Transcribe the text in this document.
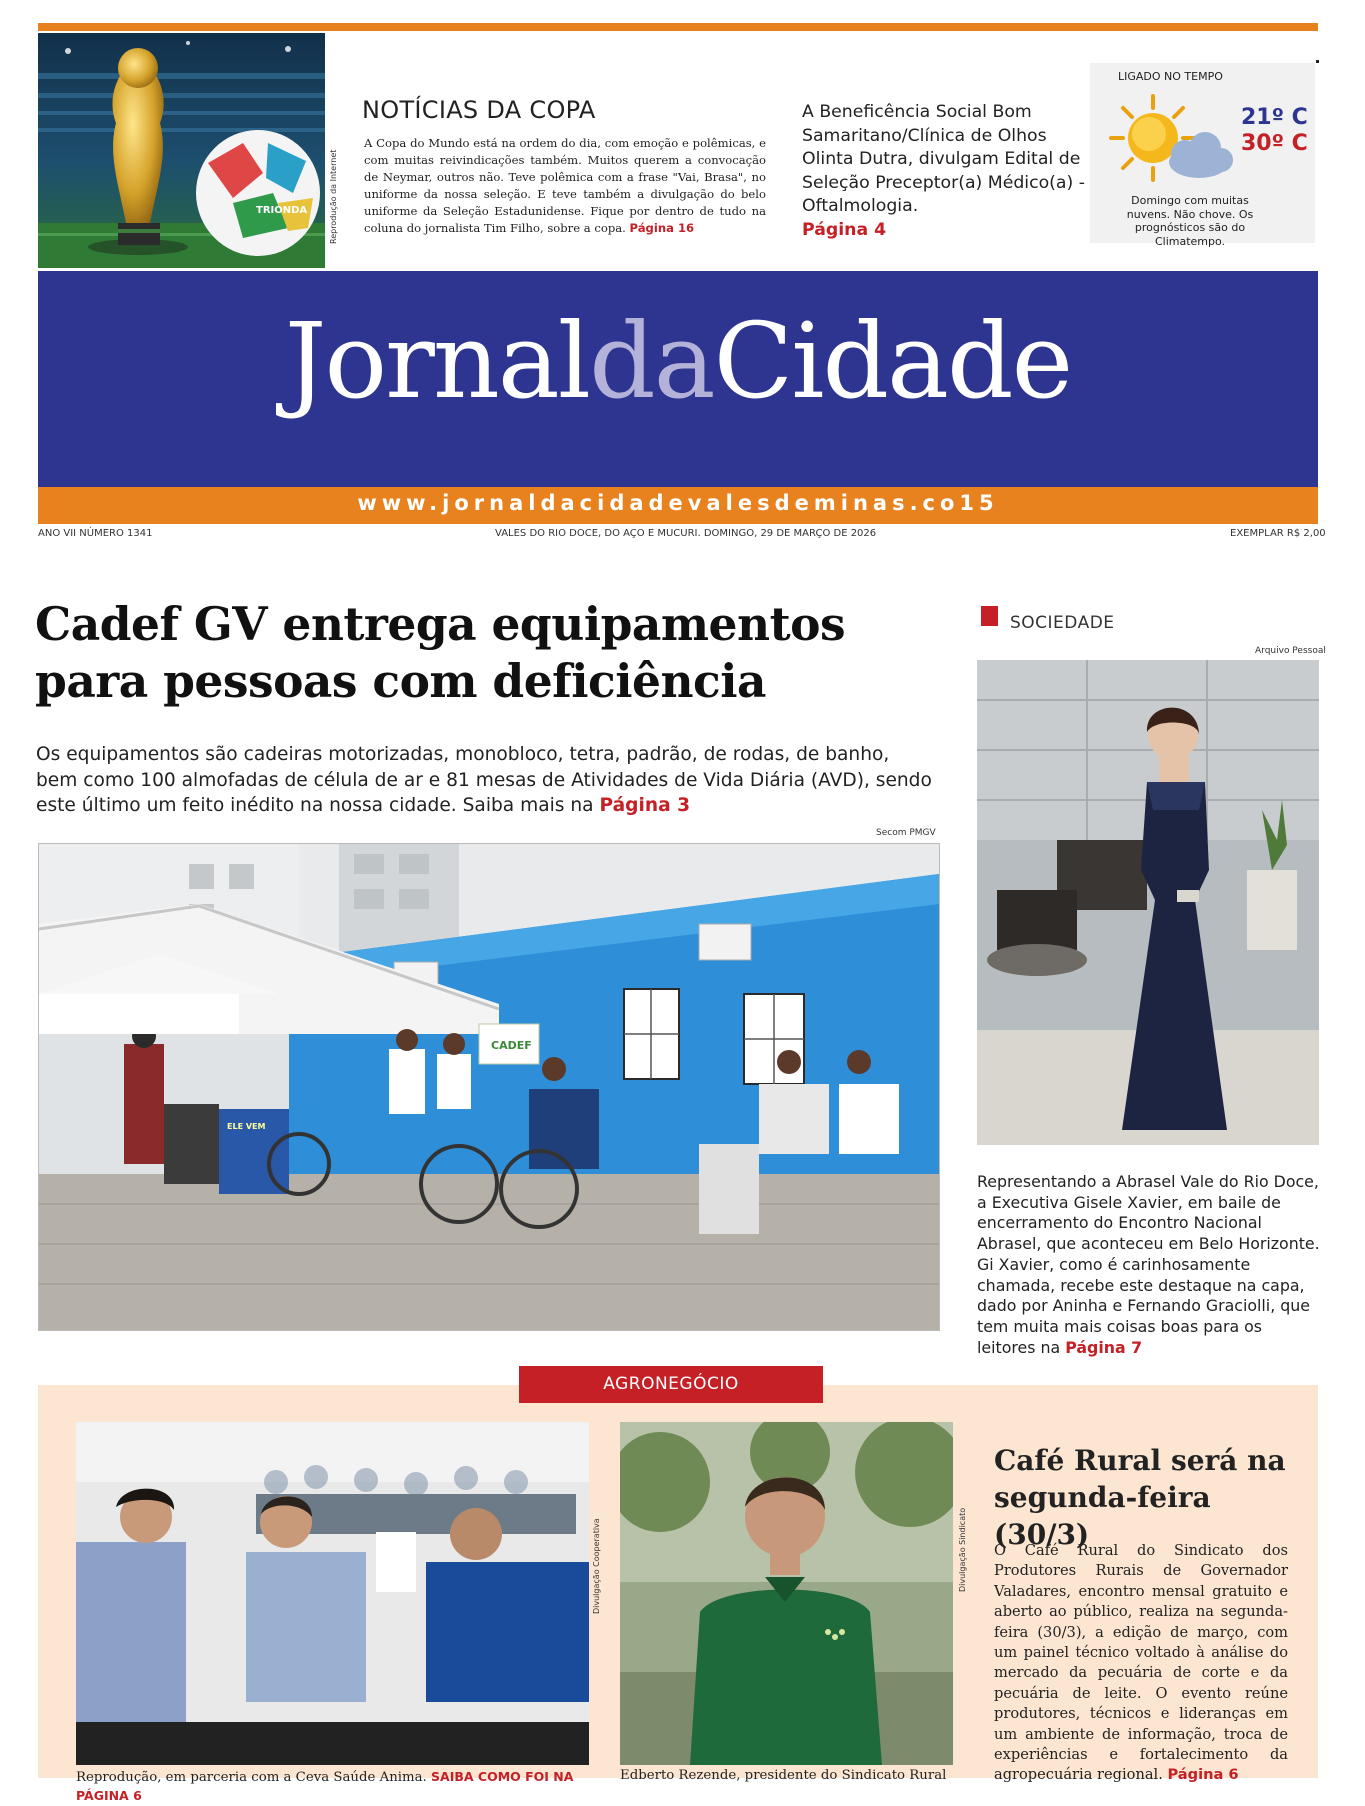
TRIONDA	Reprodução da Internet
NOTÍCIAS DA COPA
A Copa do Mundo está na ordem do dia, com emoção e polêmicas, e com muitas reivindicações também. Muitos querem a convocação de Neymar, outros não. Teve polêmica com a frase "Vai, Brasa", no uniforme da nossa seleção. E teve também a divulgação do belo uniforme da Seleção Estadunidense. Fique por dentro de tudo na coluna do jornalista Tim Filho, sobre a copa. Página 16
A Beneficência Social Bom Samaritano/Clínica de Olhos Olinta Dutra, divulgam Edital de Seleção Preceptor(a) Médico(a) - Oftalmologia.
Página 4
LIGADO NO TEMPO
21º C
30º C
Domingo com muitas nuvens. Não chove. Os prognósticos são do Climatempo.
JornaldaCidade
www.jornaldacidadevalesdeminas.co15
ANO VII NÚMERO 1341	VALES DO RIO DOCE, DO AÇO E MUCURI. DOMINGO, 29 DE MARÇO DE 2026	EXEMPLAR R$ 2,00
Cadef GV entrega equipamentos para pessoas com deficiência
Os equipamentos são cadeiras motorizadas, monobloco, tetra, padrão, de rodas, de banho, bem como 100 almofadas de célula de ar e 81 mesas de Atividades de Vida Diária (AVD), sendo este último um feito inédito na nossa cidade. Saiba mais na Página 3
Secom PMGV
CADEF
ELE VEM
SOCIEDADE
Arquivo Pessoal
Representando a Abrasel Vale do Rio Doce, a Executiva Gisele Xavier, em baile de encerramento do Encontro Nacional Abrasel, que aconteceu em Belo Horizonte. Gi Xavier, como é carinhosamente chamada, recebe este destaque na capa, dado por Aninha e Fernando Graciolli, que tem muita mais coisas boas para os leitores na Página 7
AGRONEGÓCIO
Divulgação Cooperativa
Na última terça-feira (24/3) a Cooperativa Agropecuária Vale do Rio Doce, por meio do Armazém da Cooperativa, promoveu o Workshop de Reprodução, em parceria com a Ceva Saúde Anima. SAIBA COMO FOI NA PÁGINA 6
Divulgação Sindicato
Edberto Rezende, presidente do Sindicato Rural
Café Rural será na segunda-feira (30/3)
O Café Rural do Sindicato dos Produtores Rurais de Governador Valadares, encontro mensal gratuito e aberto ao público, realiza na segunda-feira (30/3), a edição de março, com um painel técnico voltado à análise do mercado da pecuária de corte e da pecuária de leite. O evento reúne produtores, técnicos e lideranças em um ambiente de informação, troca de experiências e fortalecimento da agropecuária regional. Página 6
